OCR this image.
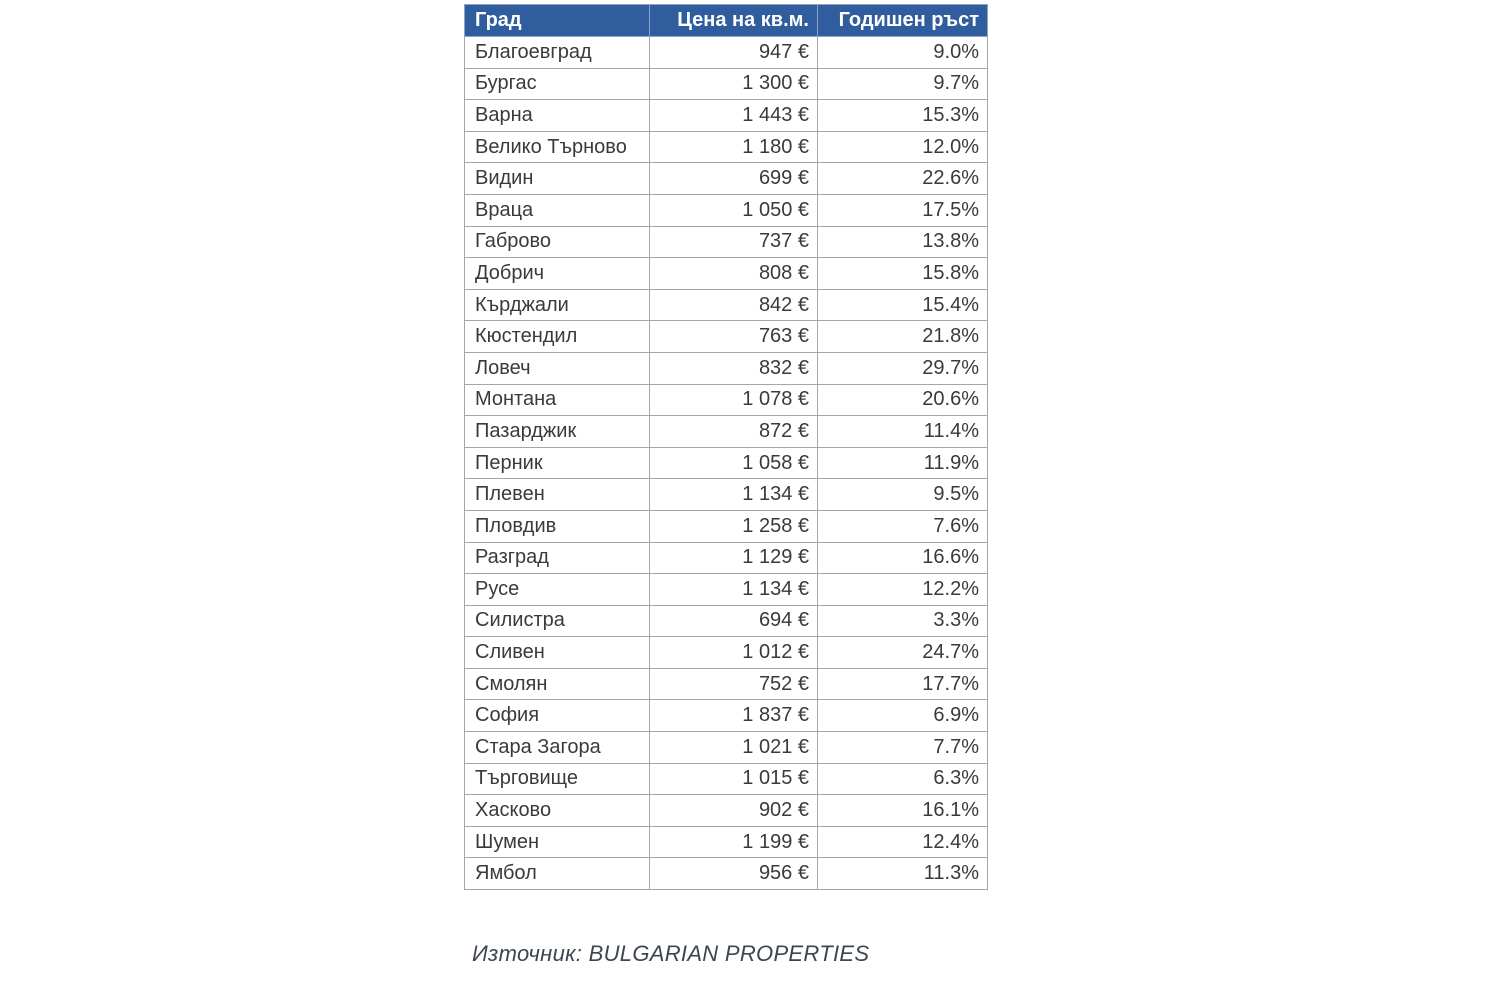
Град	Цена на кв.м.	Годишен ръст
Благоевград	947 €	9.0%
Бургас	1 300 €	9.7%
Варна	1 443 €	15.3%
Велико Търново	1 180 €	12.0%
Видин	699 €	22.6%
Враца	1 050 €	17.5%
Габрово	737 €	13.8%
Добрич	808 €	15.8%
Кърджали	842 €	15.4%
Кюстендил	763 €	21.8%
Ловеч	832 €	29.7%
Монтана	1 078 €	20.6%
Пазарджик	872 €	11.4%
Перник	1 058 €	11.9%
Плевен	1 134 €	9.5%
Пловдив	1 258 €	7.6%
Разград	1 129 €	16.6%
Русе	1 134 €	12.2%
Силистра	694 €	3.3%
Сливен	1 012 €	24.7%
Смолян	752 €	17.7%
София	1 837 €	6.9%
Стара Загора	1 021 €	7.7%
Търговище	1 015 €	6.3%
Хасково	902 €	16.1%
Шумен	1 199 €	12.4%
Ямбол	956 €	11.3%

Източник: BULGARIAN PROPERTIES
